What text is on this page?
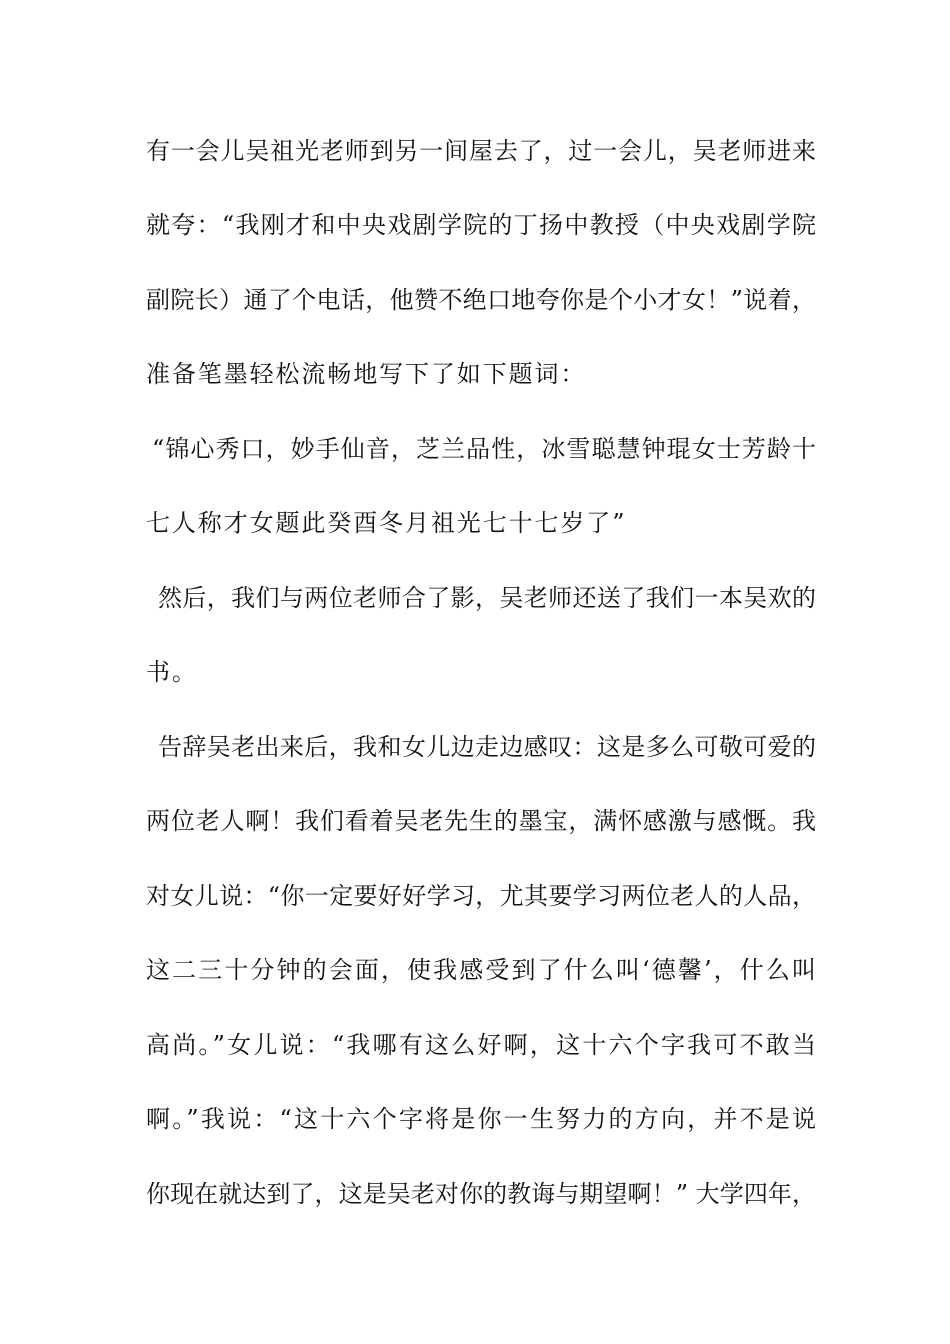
有一会儿吴祖光老师到另一间屋去了，过一会儿，吴老师进来
就夸：“我刚才和中央戏剧学院的丁扬中教授（中央戏剧学院
副院长）通了个电话，他赞不绝口地夸你是个小才女！”说着，
准备笔墨轻松流畅地写下了如下题词：
“锦心秀口，妙手仙音，芝兰品性，冰雪聪慧钟琨女士芳龄十
七人称才女题此癸酉冬月祖光七十七岁了”
然后，我们与两位老师合了影，吴老师还送了我们一本吴欢的
书。
告辞吴老出来后，我和女儿边走边感叹：这是多么可敬可爱的
两位老人啊！我们看着吴老先生的墨宝，满怀感激与感慨。我
对女儿说：“你一定要好好学习，尤其要学习两位老人的人品，
这二三十分钟的会面，使我感受到了什么叫‘德馨’，什么叫
高尚。”女儿说：“我哪有这么好啊，这十六个字我可不敢当
啊。”我说：“这十六个字将是你一生努力的方向，并不是说
你现在就达到了，这是吴老对你的教诲与期望啊！” 大学四年，
